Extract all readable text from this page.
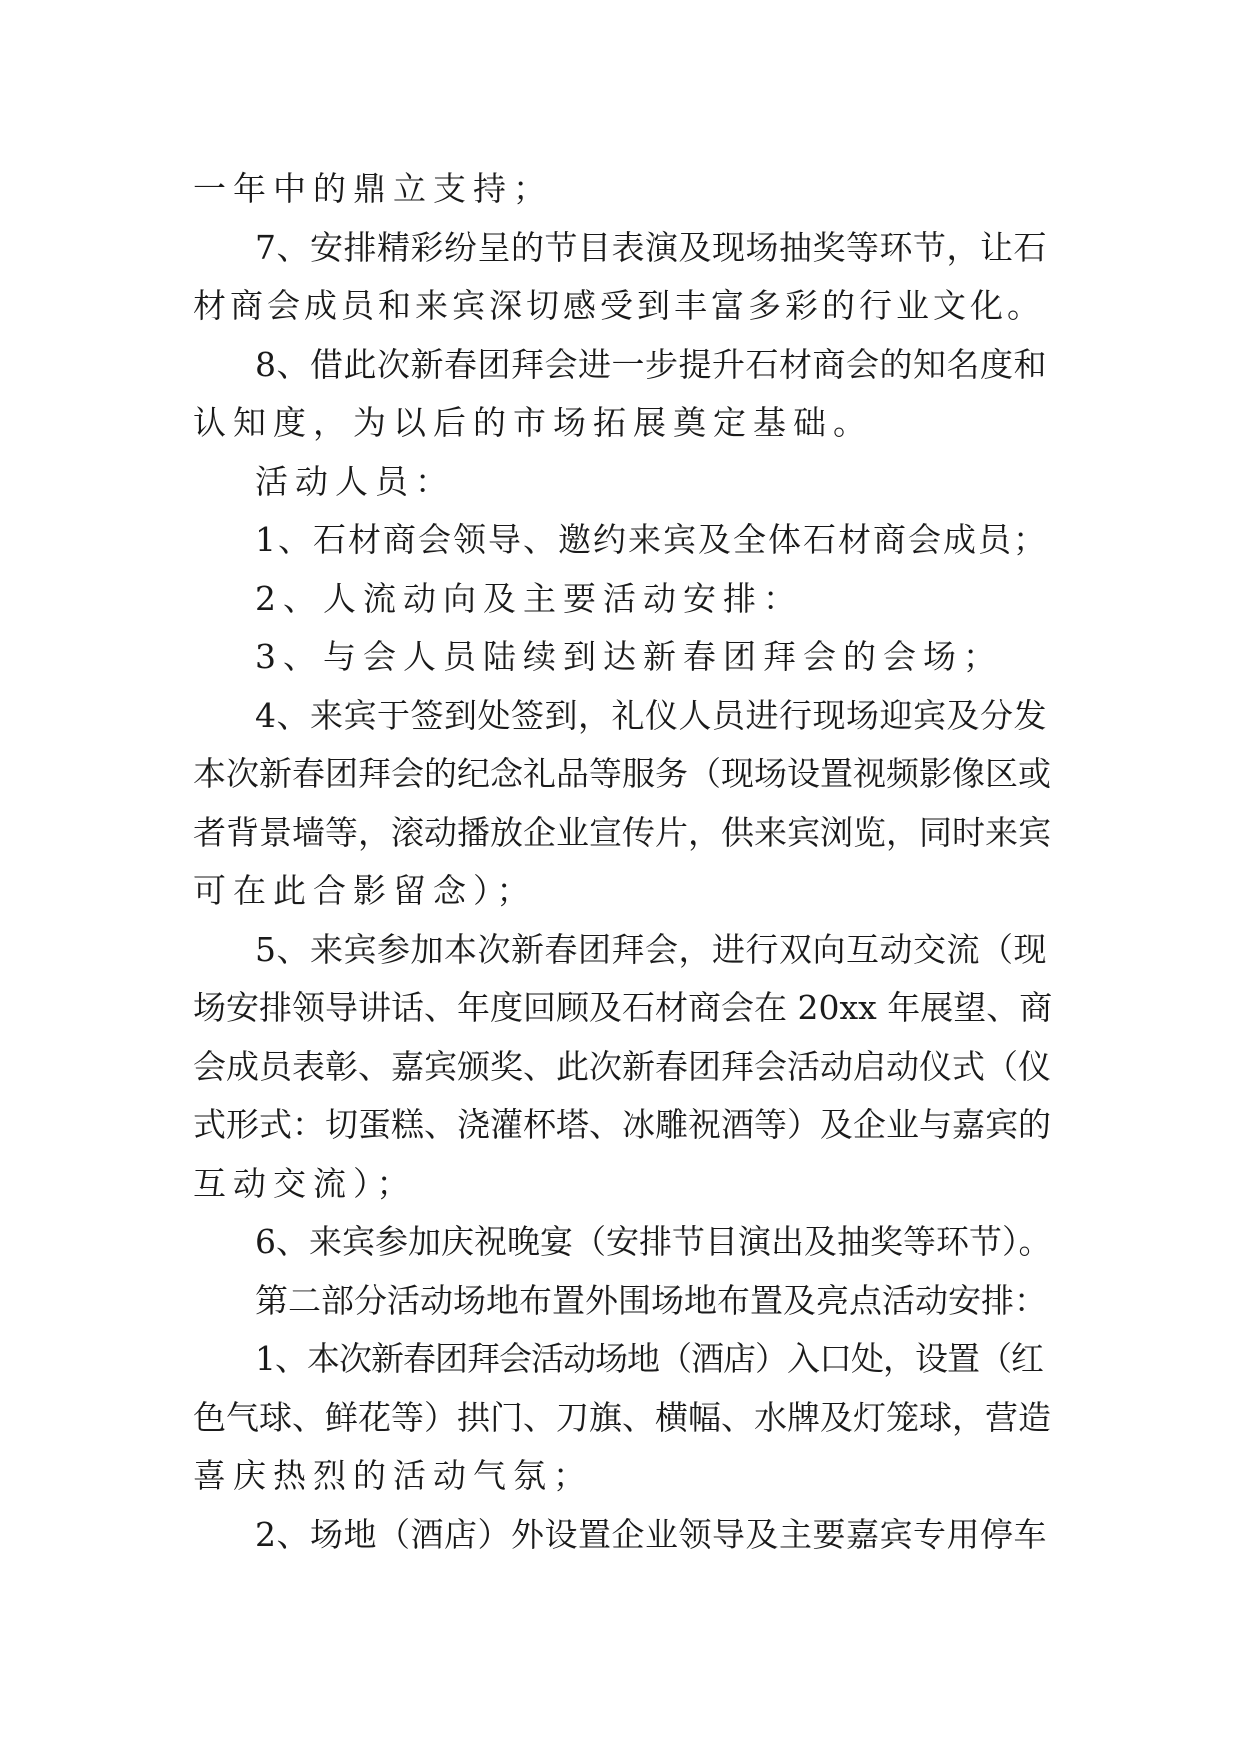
一年中的鼎立支持；
7、安排精彩纷呈的节目表演及现场抽奖等环节，让石
材商会成员和来宾深切感受到丰富多彩的行业文化。
8、借此次新春团拜会进一步提升石材商会的知名度和
认知度，为以后的市场拓展奠定基础。
活动人员：
1、石材商会领导、邀约来宾及全体石材商会成员；
2、人流动向及主要活动安排：
3、与会人员陆续到达新春团拜会的会场；
4、来宾于签到处签到，礼仪人员进行现场迎宾及分发
本次新春团拜会的纪念礼品等服务（现场设置视频影像区或
者背景墙等，滚动播放企业宣传片，供来宾浏览，同时来宾
可在此合影留念）；
5、来宾参加本次新春团拜会，进行双向互动交流（现
场安排领导讲话、年度回顾及石材商会在 20xx 年展望、商
会成员表彰、嘉宾颁奖、此次新春团拜会活动启动仪式（仪
式形式：切蛋糕、浇灌杯塔、冰雕祝酒等）及企业与嘉宾的
互动交流）；
6、来宾参加庆祝晚宴（安排节目演出及抽奖等环节）。
第二部分活动场地布置外围场地布置及亮点活动安排：
1、本次新春团拜会活动场地（酒店）入口处，设置（红
色气球、鲜花等）拱门、刀旗、横幅、水牌及灯笼球，营造
喜庆热烈的活动气氛；
2、场地（酒店）外设置企业领导及主要嘉宾专用停车
